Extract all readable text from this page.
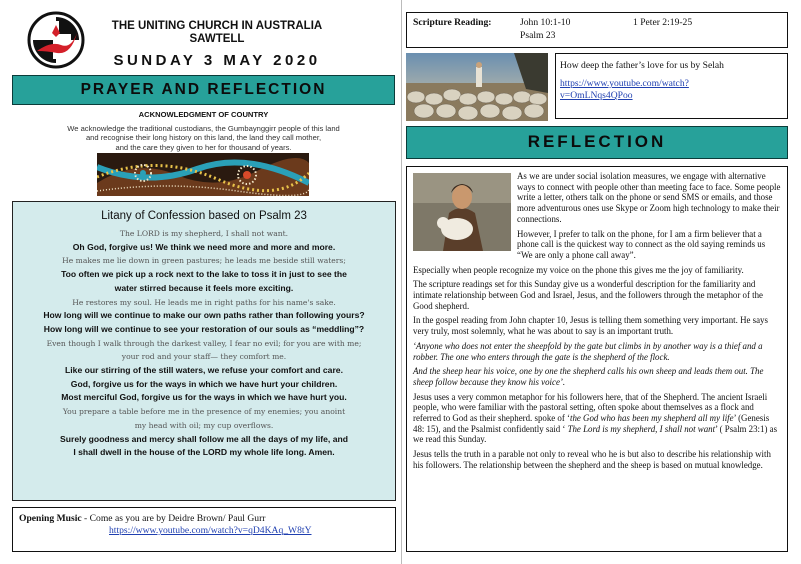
THE UNITING CHURCH IN AUSTRALIA
SAWTELL
SUNDAY 3 MAY 2020
PRAYER AND REFLECTION
ACKNOWLEDGMENT OF COUNTRY
We acknowledge the traditional custodians, the Gumbaynggirr people of this land
and recognise their long history on this land, the land they call mother,
and the care they given to her for thousand of years.
Litany of Confession based on Psalm 23
The LORD is my shepherd, I shall not want.
Oh God, forgive us! We think we need more and more and more.
He makes me lie down in green pastures; he leads me beside still waters;
Too often we pick up a rock next to the lake to toss it in just to see the
water stirred because it feels more exciting.
He restores my soul. He leads me in right paths for his name's sake.
How long will we continue to make our own paths rather than following yours?
How long will we continue to see your restoration of our souls as “meddling”?
Even though I walk through the darkest valley, I fear no evil; for you are with me;
your rod and your staff— they comfort me.
Like our stirring of the still waters, we refuse your comfort and care.
God, forgive us for the ways in which we have hurt your children.
Most merciful God, forgive us for the ways in which we have hurt you.
You prepare a table before me in the presence of my enemies; you anoint
my head with oil; my cup overflows.
Surely goodness and mercy shall follow me all the days of my life, and
I shall dwell in the house of the LORD my whole life long. Amen.
Opening Music - Come as you are by Deidre Brown/ Paul Gurr
https://www.youtube.com/watch?v=qD4KAq_W8tY
Scripture Reading:	John 10:1-10	1 Peter 2:19-25
Psalm 23
How deep the father’s love for us by Selah
https://www.youtube.com/watch?
v=OmLNqs4QPoo
REFLECTION

As we are under social isolation measures, we engage with alternative ways to connect with people other than meeting face to face. Some people write a letter, others talk on the phone or send SMS or emails, and those more adventurous ones use Skype or Zoom high technology to make their connections.

However, I prefer to talk on the phone, for I am a firm believer that a phone call is the quickest way to connect as the old saying reminds us “We are only a phone call away”.

Especially when people recognize my voice on the phone this gives me the joy of familiarity.

The scripture readings set for this Sunday give us a wonderful description for the familiarity and intimate relationship between God and Israel, Jesus, and the followers through the metaphor of the Good shepherd.

In the gospel reading from John chapter 10, Jesus is telling them something very important. He says very truly, most solemnly, what he was about to say is an important truth.

‘Anyone who does not enter the sheepfold by the gate but climbs in by another way is a thief and a robber. The one who enters through the gate is the shepherd of the flock.

And the sheep hear his voice, one by one the shepherd calls his own sheep and leads them out. The sheep follow because they know his voice’.

Jesus uses a very common metaphor for his followers here, that of the Shepherd. The ancient Israeli people, who were familiar with the pastoral setting, often spoke about themselves as a flock and referred to God as their shepherd. spoke of ‘the God who has been my shepherd all my life’ (Genesis 48: 15), and the Psalmist confidently said ‘ The Lord is my shepherd, I shall not want’ ( Psalm 23:1) as we read this Sunday.

Jesus tells the truth in a parable not only to reveal who he is but also to describe his relationship with his followers. The relationship between the shepherd and the sheep is based on mutual knowledge.
